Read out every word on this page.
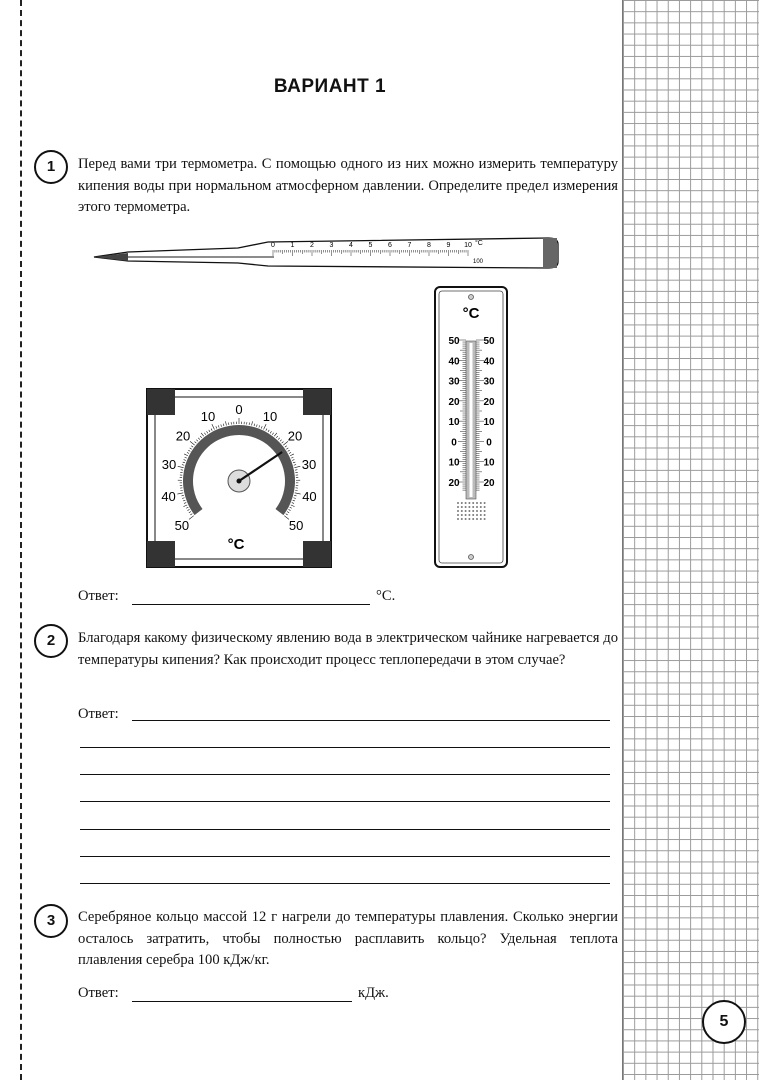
ВАРИАНТ 1
1	Перед вами три термометра. С помощью одного из них можно измерить температуру кипения воды при нормальном атмосферном давлении. Определите предел измерения этого термометра.
0 1 2 3 4 5 6 7 8 9 10 °C
100
50
40
30
20
10 0 10
20
30
40
50
°C
°C
50 50
40 40
30 30
20 20
10 10
0	0
10 10
20 20
Ответ:	°С.
2	Благодаря какому физическому явлению вода в электрическом чайнике нагревается до температуры кипения? Как происходит процесс теплопередачи в этом случае?
Ответ:
3	Серебряное кольцо массой 12 г нагрели до температуры плавления. Сколько энергии осталось затратить, чтобы полностью расплавить кольцо? Удельная теплота плавления серебра 100 кДж/кг.
Ответ:	кДж.
5
